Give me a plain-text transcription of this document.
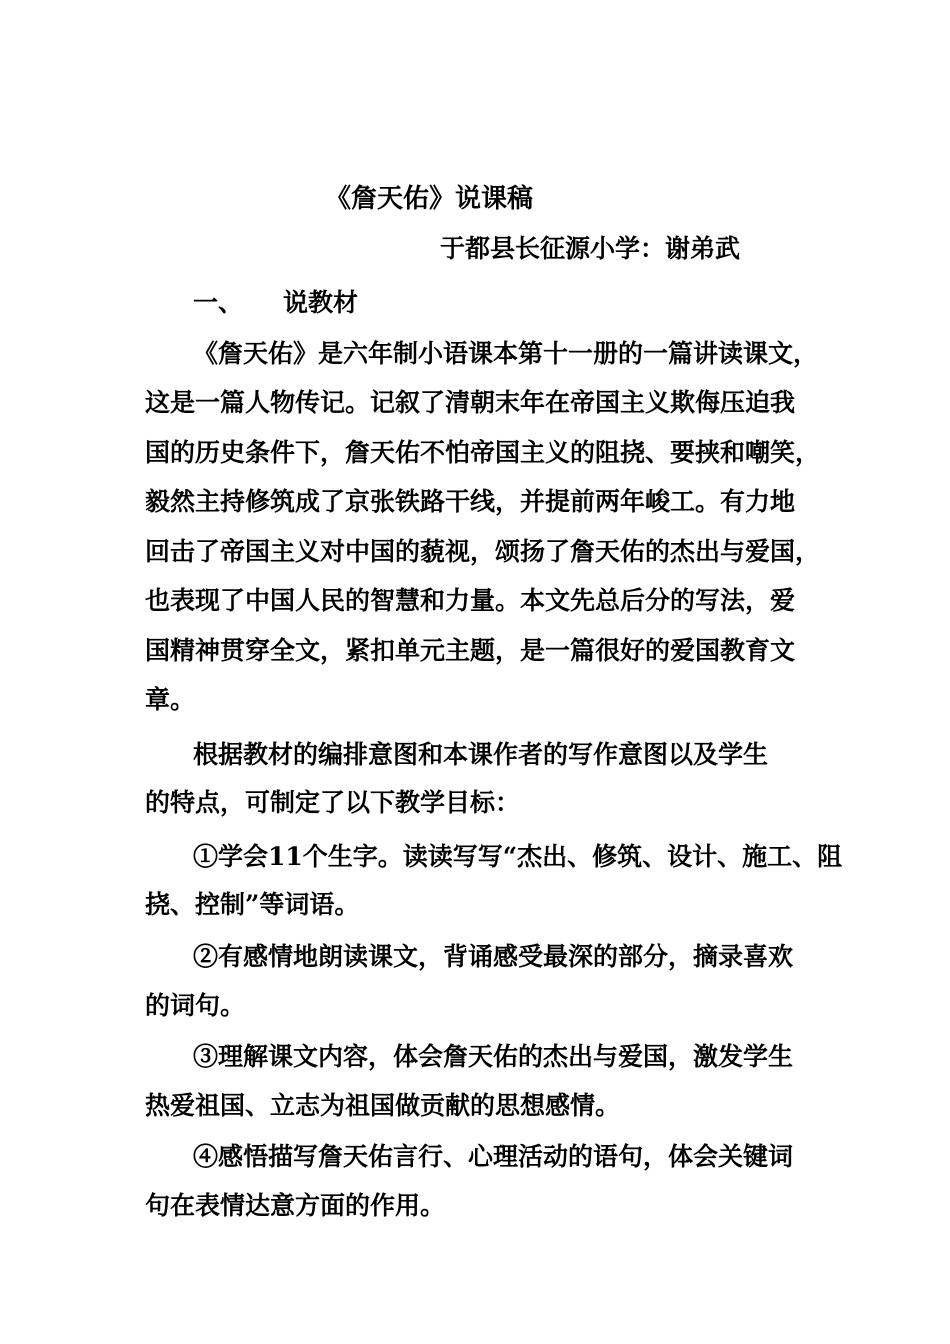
《詹天佑》说课稿
于都县长征源小学：谢弟武
一、 说教材
《詹天佑》是六年制小语课本第十一册的一篇讲读课文，
这是一篇人物传记。记叙了清朝末年在帝国主义欺侮压迫我
国的历史条件下，詹天佑不怕帝国主义的阻挠、要挟和嘲笑，
毅然主持修筑成了京张铁路干线，并提前两年峻工。有力地
回击了帝国主义对中国的藐视，颂扬了詹天佑的杰出与爱国，
也表现了中国人民的智慧和力量。本文先总后分的写法，爱
国精神贯穿全文，紧扣单元主题，是一篇很好的爱国教育文
章。
根据教材的编排意图和本课作者的写作意图以及学生
的特点，可制定了以下教学目标：
①学会11个生字。读读写写“杰出、修筑、设计、施工、阻
挠、控制”等词语。
②有感情地朗读课文，背诵感受最深的部分，摘录喜欢
的词句。
③理解课文内容，体会詹天佑的杰出与爱国，激发学生
热爱祖国、立志为祖国做贡献的思想感情。
④感悟描写詹天佑言行、心理活动的语句，体会关键词
句在表情达意方面的作用。
